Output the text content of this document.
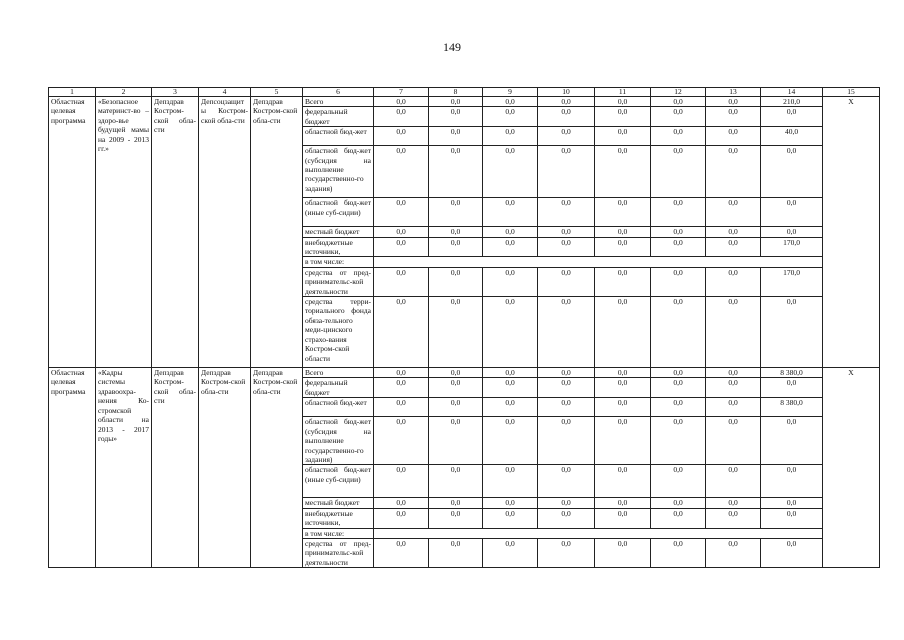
149
1	2	3	4	5	6	7	8	9	10	11	12	13	14	15
Областная целевая программа	«Безопасное материнст-во – здоро-вье будущей мамы на 2009 - 2013 гг.»	Депздрав Костром-ской обла-сти	Депсоцзащиты Костром-ской обла-сти	Депздрав Костром-ской обла-сти	Всего	0,0	0,0	0,0	0,0	0,0	0,0	0,0	210,0	Х
					федеральный бюджет	0,0	0,0	0,0	0,0	0,0	0,0	0,0	0,0	
					областной бюд-жет	0,0	0,0	0,0	0,0	0,0	0,0	0,0	40,0	
					областной бюд-жет (субсидия на выполнение государственно-го задания)	0,0	0,0	0,0	0,0	0,0	0,0	0,0	0,0	
					областной бюд-жет (иные суб-сидии)	0,0	0,0	0,0	0,0	0,0	0,0	0,0	0,0	
					местный бюджет	0,0	0,0	0,0	0,0	0,0	0,0	0,0	0,0	
					внебюджетные источники,	0,0	0,0	0,0	0,0	0,0	0,0	0,0	170,0	
					в том числе:									
					средства от пред-принимательс-кой деятельности	0,0	0,0	0,0	0,0	0,0	0,0	0,0	170,0	
					средства терри-ториального фонда обяза-тельного меди-цинского страхо-вания Костром-ской области	0,0	0,0	0,0	0,0	0,0	0,0	0,0	0,0	
Областная целевая программа	«Кадры системы здравоохра-нения Ко-стромской области на 2013 - 2017 годы»	Депздрав Костром-ской обла-сти	Депздрав Костром-ской обла-сти	Депздрав Костром-ской обла-сти	Всего	0,0	0,0	0,0	0,0	0,0	0,0	0,0	8 380,0	Х
					федеральный бюджет	0,0	0,0	0,0	0,0	0,0	0,0	0,0	0,0	
					областной бюд-жет	0,0	0,0	0,0	0,0	0,0	0,0	0,0	8 380,0	
					областной бюд-жет (субсидия на выполнение государственно-го задания)	0,0	0,0	0,0	0,0	0,0	0,0	0,0	0,0	
					областной бюд-жет (иные суб-сидии)	0,0	0,0	0,0	0,0	0,0	0,0	0,0	0,0	
					местный бюджет	0,0	0,0	0,0	0,0	0,0	0,0	0,0	0,0	
					внебюджетные источники,	0,0	0,0	0,0	0,0	0,0	0,0	0,0	0,0	
					в том числе:									
					средства от пред-принимательс-кой деятельности	0,0	0,0	0,0	0,0	0,0	0,0	0,0	0,0	
